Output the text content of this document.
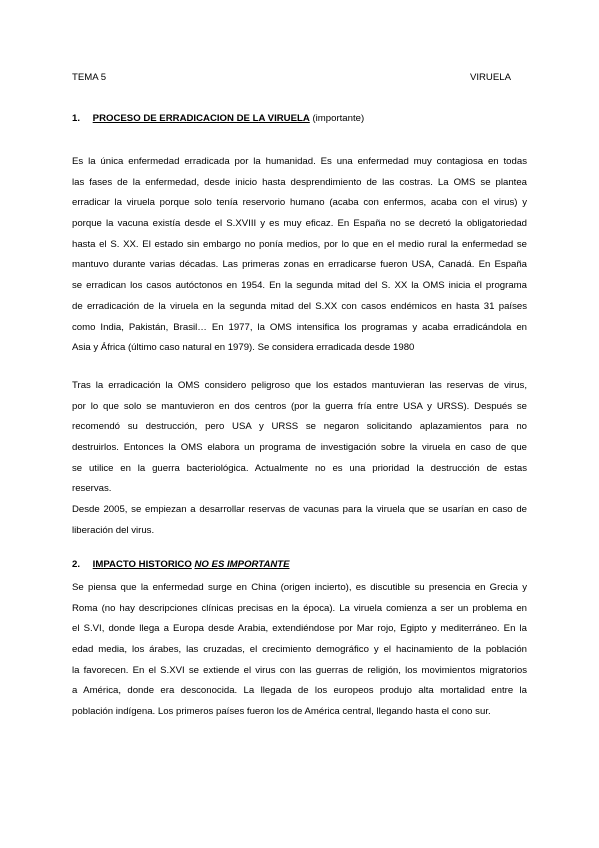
TEMA 5	VIRUELA
1. PROCESO DE ERRADICACION DE LA VIRUELA (importante)

Es la única enfermedad erradicada por la humanidad. Es una enfermedad muy contagiosa en todas
las fases de la enfermedad, desde inicio hasta desprendimiento de las costras. La OMS se plantea
erradicar la viruela porque solo tenía reservorio humano (acaba con enfermos, acaba con el virus) y
porque la vacuna existía desde el S.XVIII y es muy eficaz. En España no se decretó la obligatoriedad
hasta el S. XX. El estado sin embargo no ponía medios, por lo que en el medio rural la enfermedad se
mantuvo durante varias décadas. Las primeras zonas en erradicarse fueron USA, Canadá. En España
se erradican los casos autóctonos en 1954. En la segunda mitad del S. XX la OMS inicia el programa
de erradicación de la viruela en la segunda mitad del S.XX con casos endémicos en hasta 31 países
como India, Pakistán, Brasil… En 1977, la OMS intensifica los programas y acaba erradicándola en
Asia y África (último caso natural en 1979). Se considera erradicada desde 1980

Tras la erradicación la OMS considero peligroso que los estados mantuvieran las reservas de virus,
por lo que solo se mantuvieron en dos centros (por la guerra fría entre USA y URSS). Después se
recomendó su destrucción, pero USA y URSS se negaron solicitando aplazamientos para no
destruirlos. Entonces la OMS elabora un programa de investigación sobre la viruela en caso de que
se utilice en la guerra bacteriológica. Actualmente no es una prioridad la destrucción de estas
reservas.
Desde 2005, se empiezan a desarrollar reservas de vacunas para la viruela que se usarían en caso de
liberación del virus.

2. IMPACTO HISTORICO NO ES IMPORTANTE

Se piensa que la enfermedad surge en China (origen incierto), es discutible su presencia en Grecia y
Roma (no hay descripciones clínicas precisas en la época). La viruela comienza a ser un problema en
el S.VI, donde llega a Europa desde Arabia, extendiéndose por Mar rojo, Egipto y mediterráneo. En la
edad media, los árabes, las cruzadas, el crecimiento demográfico y el hacinamiento de la población
la favorecen. En el S.XVI se extiende el virus con las guerras de religión, los movimientos migratorios
a América, donde era desconocida. La llegada de los europeos produjo alta mortalidad entre la
población indígena. Los primeros países fueron los de América central, llegando hasta el cono sur.
